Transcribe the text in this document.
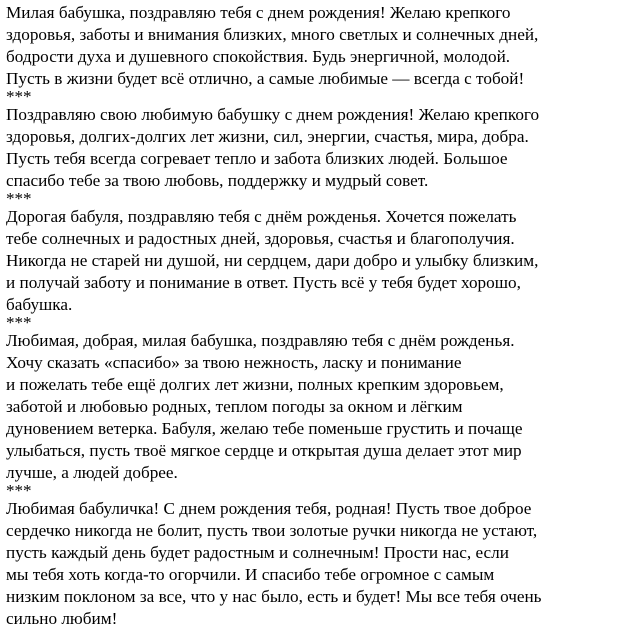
Милая бабушка, поздравляю тебя с днем рождения! Желаю крепкого
здоровья, заботы и внимания близких, много светлых и солнечных дней,
бодрости духа и душевного спокойствия. Будь энергичной, молодой.
Пусть в жизни будет всё отлично, а самые любимые — всегда с тобой!
***
Поздравляю свою любимую бабушку с днем рождения! Желаю крепкого
здоровья, долгих-долгих лет жизни, сил, энергии, счастья, мира, добра.
Пусть тебя всегда согревает тепло и забота близких людей. Большое
спасибо тебе за твою любовь, поддержку и мудрый совет.
***
Дорогая бабуля, поздравляю тебя с днём рожденья. Хочется пожелать
тебе солнечных и радостных дней, здоровья, счастья и благополучия.
Никогда не старей ни душой, ни сердцем, дари добро и улыбку близким,
и получай заботу и понимание в ответ. Пусть всё у тебя будет хорошо,
бабушка.
***
Любимая, добрая, милая бабушка, поздравляю тебя с днём рожденья.
Хочу сказать «спасибо» за твою нежность, ласку и понимание
и пожелать тебе ещё долгих лет жизни, полных крепким здоровьем,
заботой и любовью родных, теплом погоды за окном и лёгким
дуновением ветерка. Бабуля, желаю тебе поменьше грустить и почаще
улыбаться, пусть твоё мягкое сердце и открытая душа делает этот мир
лучше, а людей добрее.
***
Любимая бабуличка! С днем рождения тебя, родная! Пусть твое доброе
сердечко никогда не болит, пусть твои золотые ручки никогда не устают,
пусть каждый день будет радостным и солнечным! Прости нас, если
мы тебя хоть когда-то огорчили. И спасибо тебе огромное с самым
низким поклоном за все, что у нас было, есть и будет! Мы все тебя очень
сильно любим!
